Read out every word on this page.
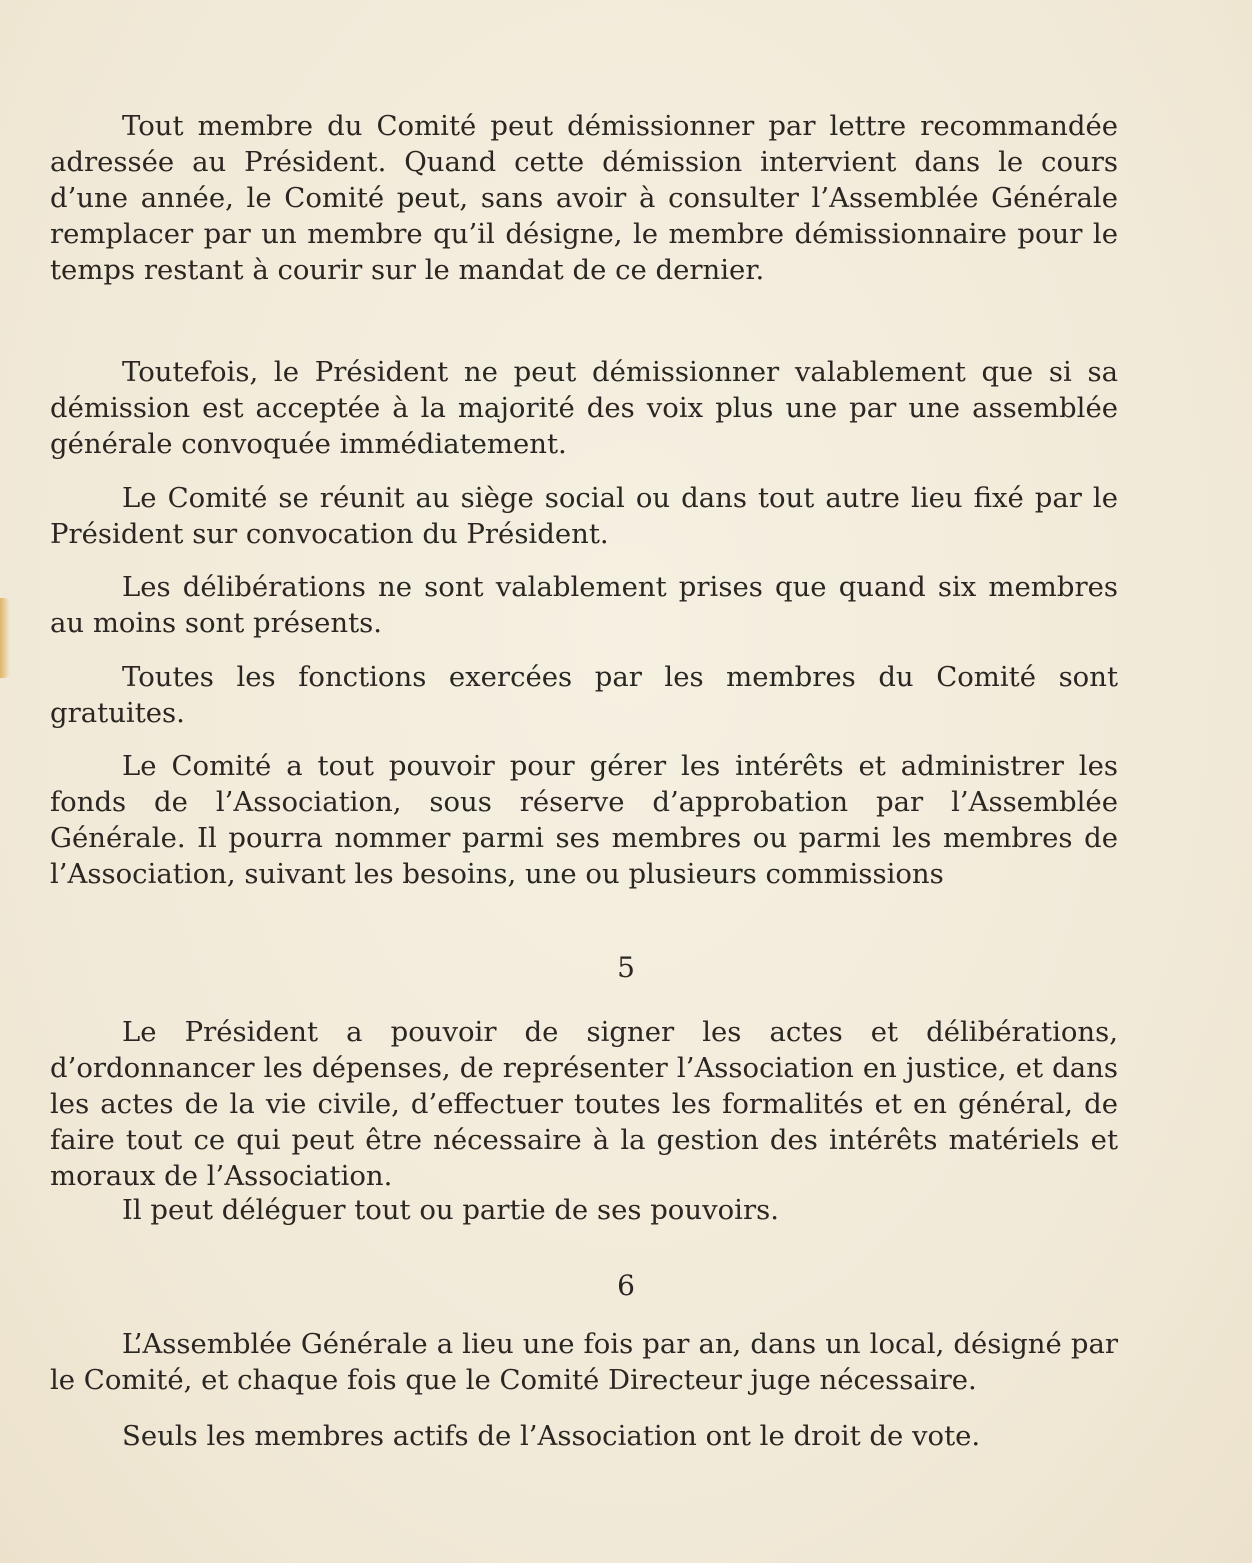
Tout membre du Comité peut démissionner par lettre recommandée adressée au Président. Quand cette démission intervient dans le cours d’une année, le Comité peut, sans avoir à consulter l’Assemblée Générale remplacer par un membre qu’il désigne, le membre démissionnaire pour le temps restant à courir sur le mandat de ce dernier.

Toutefois, le Président ne peut démissionner valablement que si sa démission est acceptée à la majorité des voix plus une par une assemblée générale convoquée immédiatement.

Le Comité se réunit au siège social ou dans tout autre lieu fixé par le Président sur convocation du Président.

Les délibérations ne sont valablement prises que quand six membres au moins sont présents.

Toutes les fonctions exercées par les membres du Comité sont gratuites.

Le Comité a tout pouvoir pour gérer les intérêts et administrer les fonds de l’Association, sous réserve d’approbation par l’Assemblée Générale. Il pourra nommer parmi ses membres ou parmi les membres de l’Association, suivant les besoins, une ou plusieurs commissions

5

Le Président a pouvoir de signer les actes et délibérations, d’ordonnancer les dépenses, de représenter l’Association en justice, et dans les actes de la vie civile, d’effectuer toutes les formalités et en général, de faire tout ce qui peut être nécessaire à la gestion des intérêts matériels et moraux de l’Association.

Il peut déléguer tout ou partie de ses pouvoirs.

6

L’Assemblée Générale a lieu une fois par an, dans un local, désigné par le Comité, et chaque fois que le Comité Directeur juge nécessaire.

Seuls les membres actifs de l’Association ont le droit de vote.
